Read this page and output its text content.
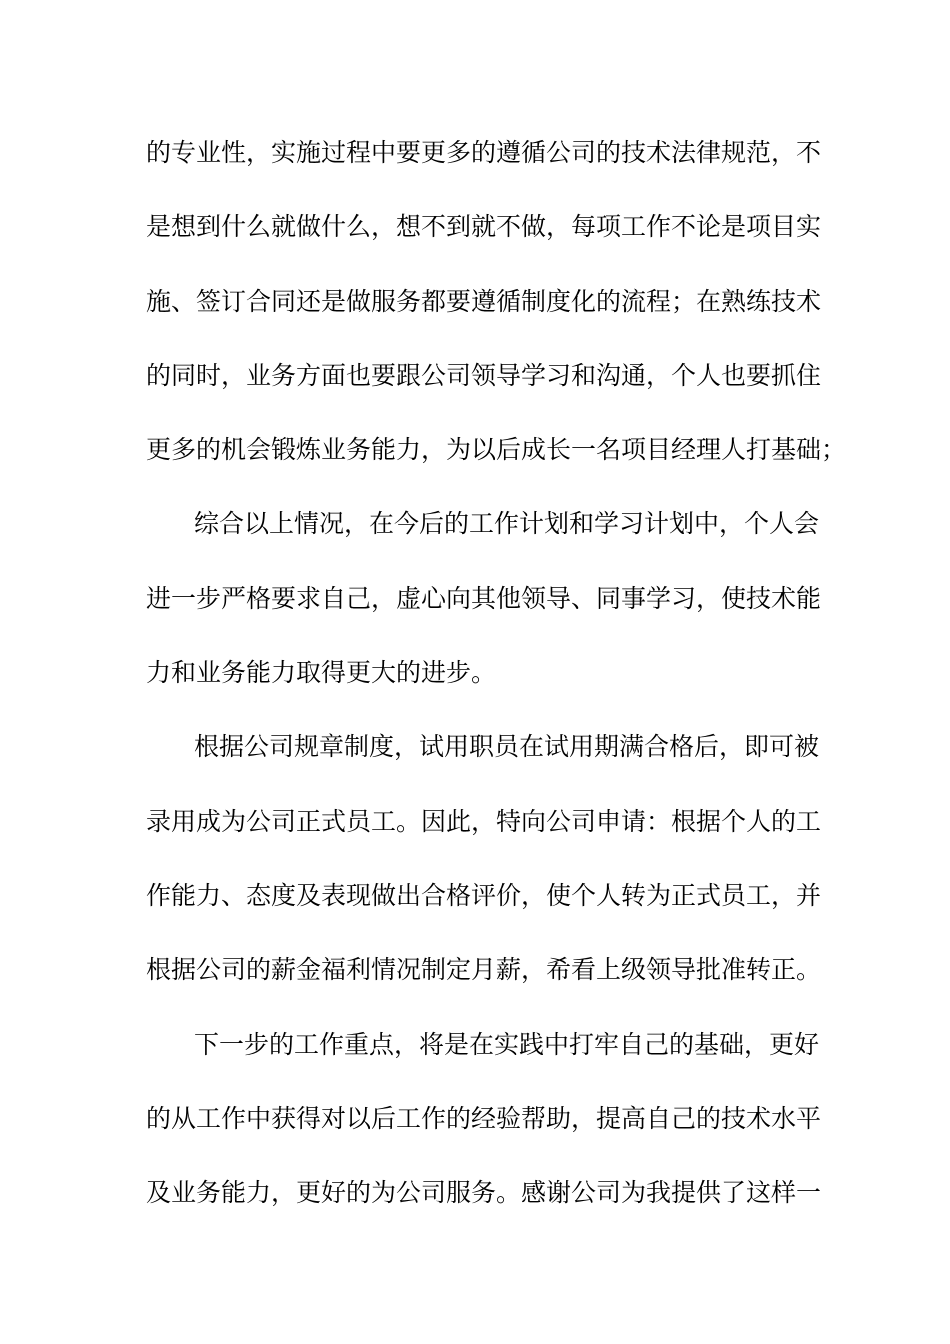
的专业性，实施过程中要更多的遵循公司的技术法律规范，不
是想到什么就做什么，想不到就不做，每项工作不论是项目实
施、签订合同还是做服务都要遵循制度化的流程；在熟练技术
的同时，业务方面也要跟公司领导学习和沟通，个人也要抓住
更多的机会锻炼业务能力，为以后成长一名项目经理人打基础；
综合以上情况，在今后的工作计划和学习计划中，个人会
进一步严格要求自己，虚心向其他领导、同事学习，使技术能
力和业务能力取得更大的进步。
根据公司规章制度，试用职员在试用期满合格后，即可被
录用成为公司正式员工。因此，特向公司申请：根据个人的工
作能力、态度及表现做出合格评价，使个人转为正式员工，并
根据公司的薪金福利情况制定月薪，希看上级领导批准转正。
下一步的工作重点，将是在实践中打牢自己的基础，更好
的从工作中获得对以后工作的经验帮助，提高自己的技术水平
及业务能力，更好的为公司服务。感谢公司为我提供了这样一
